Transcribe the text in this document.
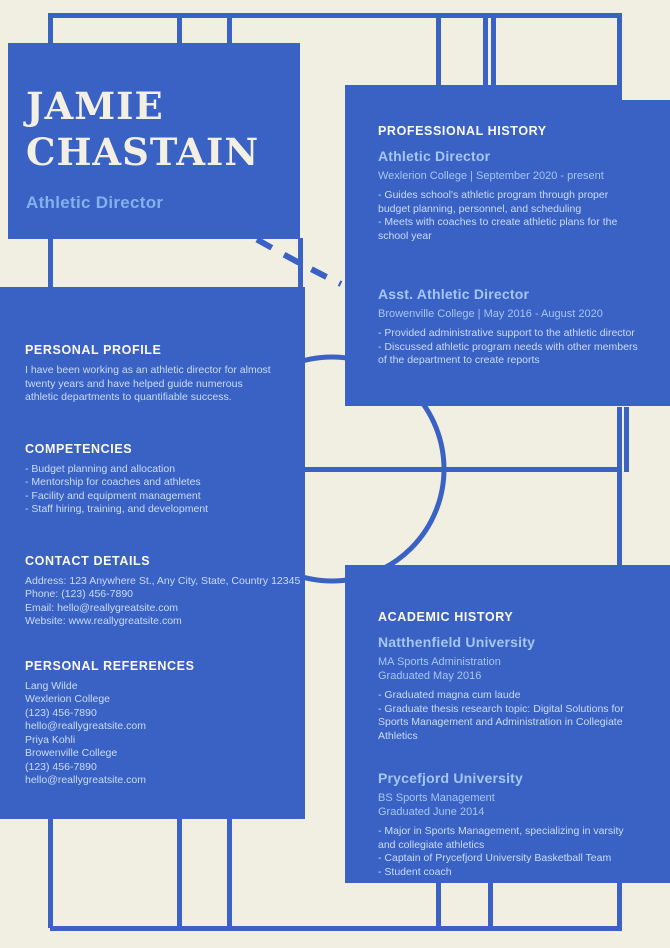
JAMIE
CHASTAIN
Athletic Director
PERSONAL PROFILE
I have been working as an athletic director for almost twenty years and have helped guide numerous athletic departments to quantifiable success.
COMPETENCIES
- Budget planning and allocation
- Mentorship for coaches and athletes
- Facility and equipment management
- Staff hiring, training, and development
CONTACT DETAILS
Address: 123 Anywhere St., Any City, State, Country 12345
Phone: (123) 456-7890
Email: hello@reallygreatsite.com
Website: www.reallygreatsite.com
PERSONAL REFERENCES
Lang Wilde
Wexlerion College
(123) 456-7890
hello@reallygreatsite.com
Priya Kohli
Browenville College
(123) 456-7890
hello@reallygreatsite.com
PROFESSIONAL HISTORY
Athletic Director
Wexlerion College | September 2020 - present
- Guides school's athletic program through proper budget planning, personnel, and scheduling
- Meets with coaches to create athletic plans for the school year
Asst. Athletic Director
Browenville College | May 2016 - August 2020
- Provided administrative support to the athletic director
- Discussed athletic program needs with other members of the department to create reports
ACADEMIC HISTORY
Natthenfield University
MA Sports Administration
Graduated May 2016
- Graduated magna cum laude
- Graduate thesis research topic: Digital Solutions for Sports Management and Administration in Collegiate Athletics
Prycefjord University
BS Sports Management
Graduated June 2014
- Major in Sports Management, specializing in varsity and collegiate athletics
- Captain of Prycefjord University Basketball Team
- Student coach
